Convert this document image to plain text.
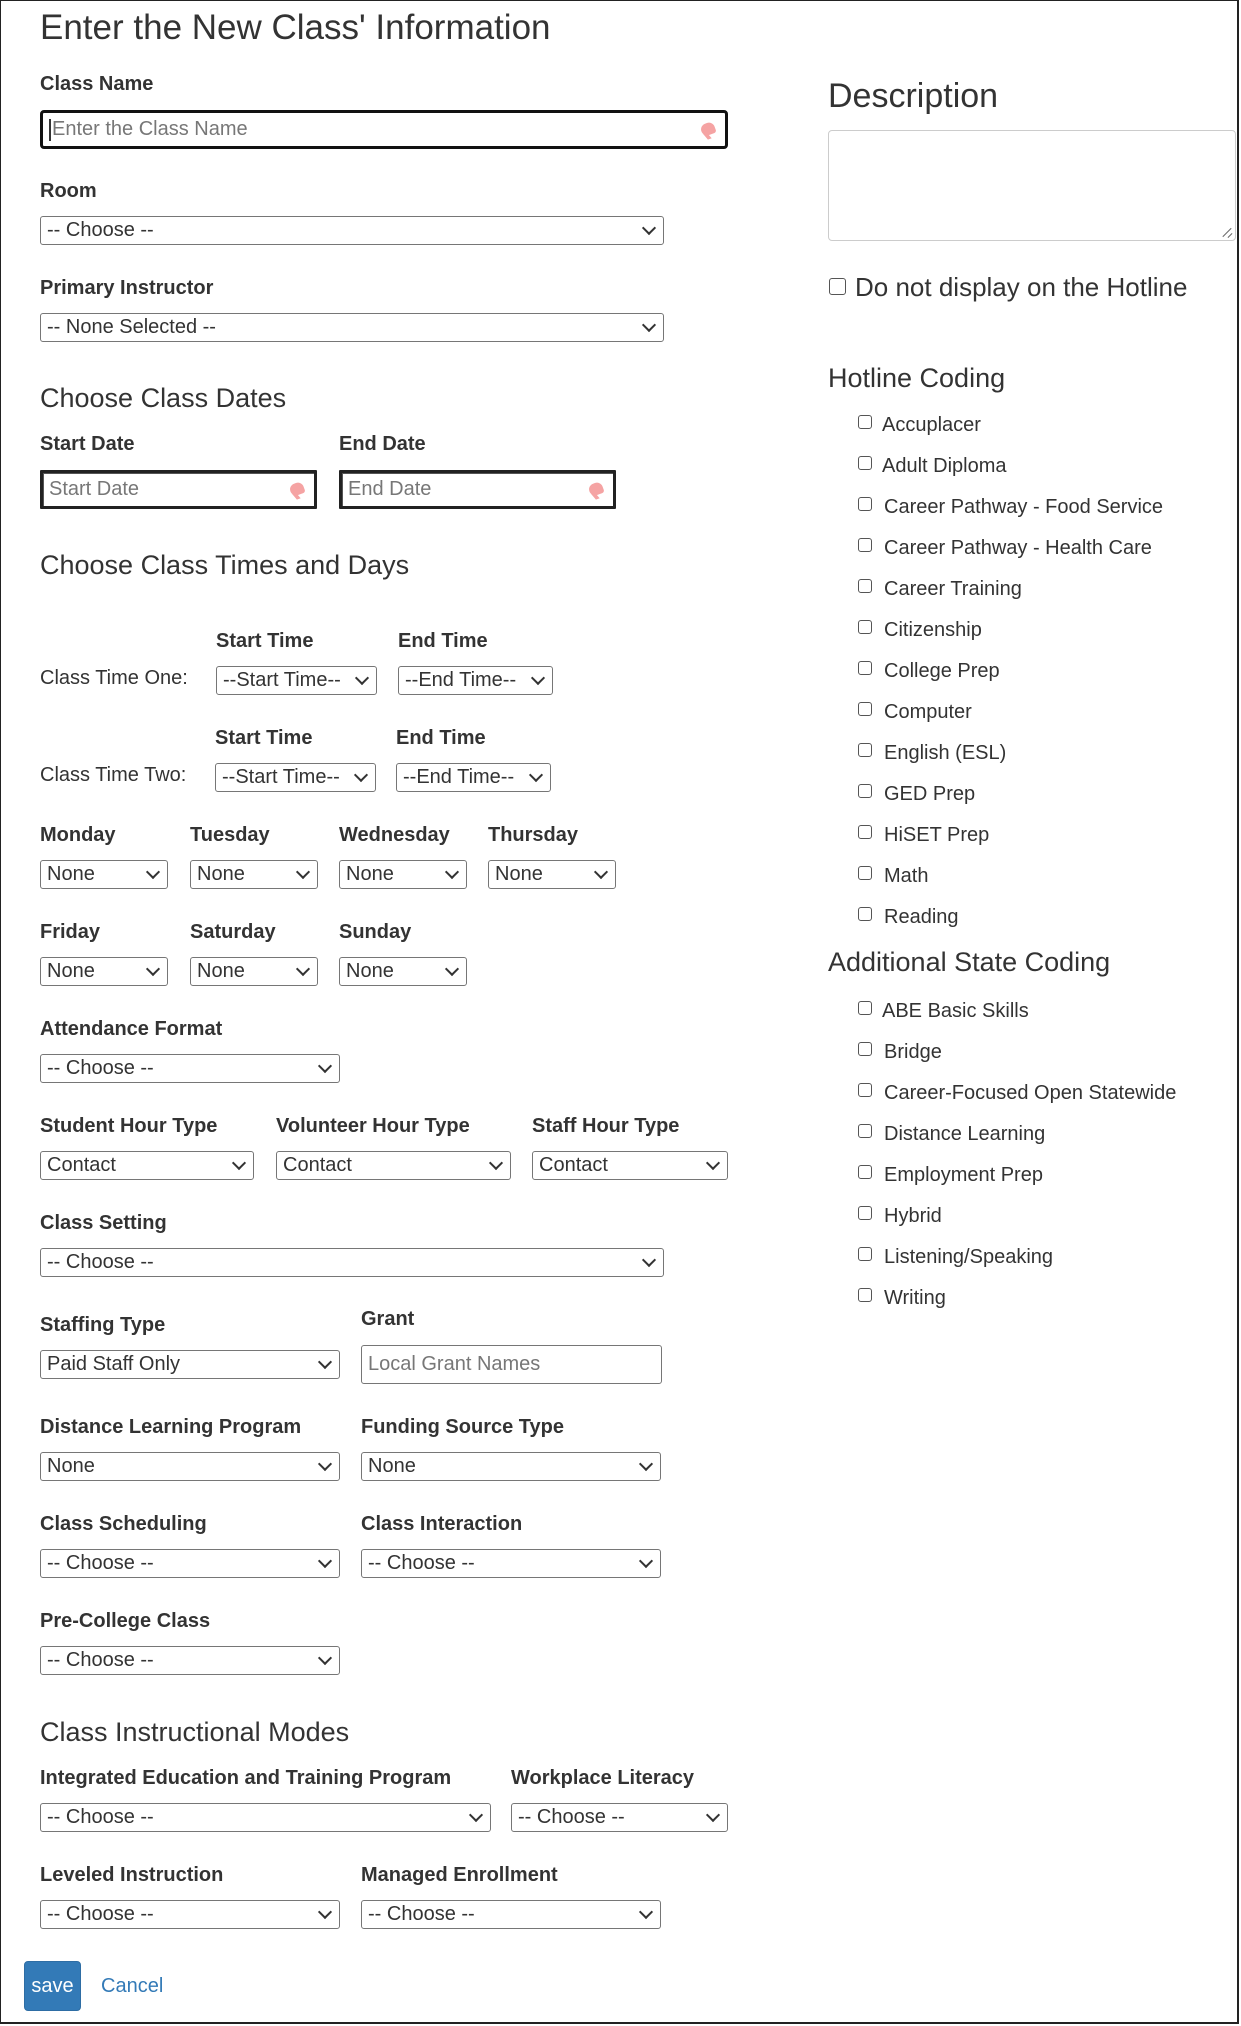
Enter the New Class' Information
Class Name
Enter the Class Name
Room
-- Choose --
Primary Instructor
-- None Selected --
Choose Class Dates
Start Date
Start Date
End Date
End Date
Choose Class Times and Days
Start Time	End Time
Class Time One:	--Start Time--	--End Time--
Start Time	End Time
Class Time Two:	--Start Time--	--End Time--
Monday
None
Tuesday
None
Wednesday
None
Thursday
None
Friday
None
Saturday
None
Sunday
None
Attendance Format
-- Choose --
Student Hour Type
Contact
Volunteer Hour Type
Contact
Staff Hour Type
Contact
Class Setting
-- Choose --
Staffing Type
Paid Staff Only
Grant
Local Grant Names
Distance Learning Program
None
Funding Source Type
None
Class Scheduling
-- Choose --
Class Interaction
-- Choose --
Pre-College Class
-- Choose --
Class Instructional Modes
Integrated Education and Training Program
-- Choose --
Workplace Literacy
-- Choose --
Leveled Instruction
-- Choose --
Managed Enrollment
-- Choose --
save	Cancel
Description
Do not display on the Hotline
Hotline Coding
Accuplacer
Adult Diploma
Career Pathway - Food Service
Career Pathway - Health Care
Career Training
Citizenship
College Prep
Computer
English (ESL)
GED Prep
HiSET Prep
Math
Reading
Additional State Coding
ABE Basic Skills
Bridge
Career-Focused Open Statewide
Distance Learning
Employment Prep
Hybrid
Listening/Speaking
Writing
